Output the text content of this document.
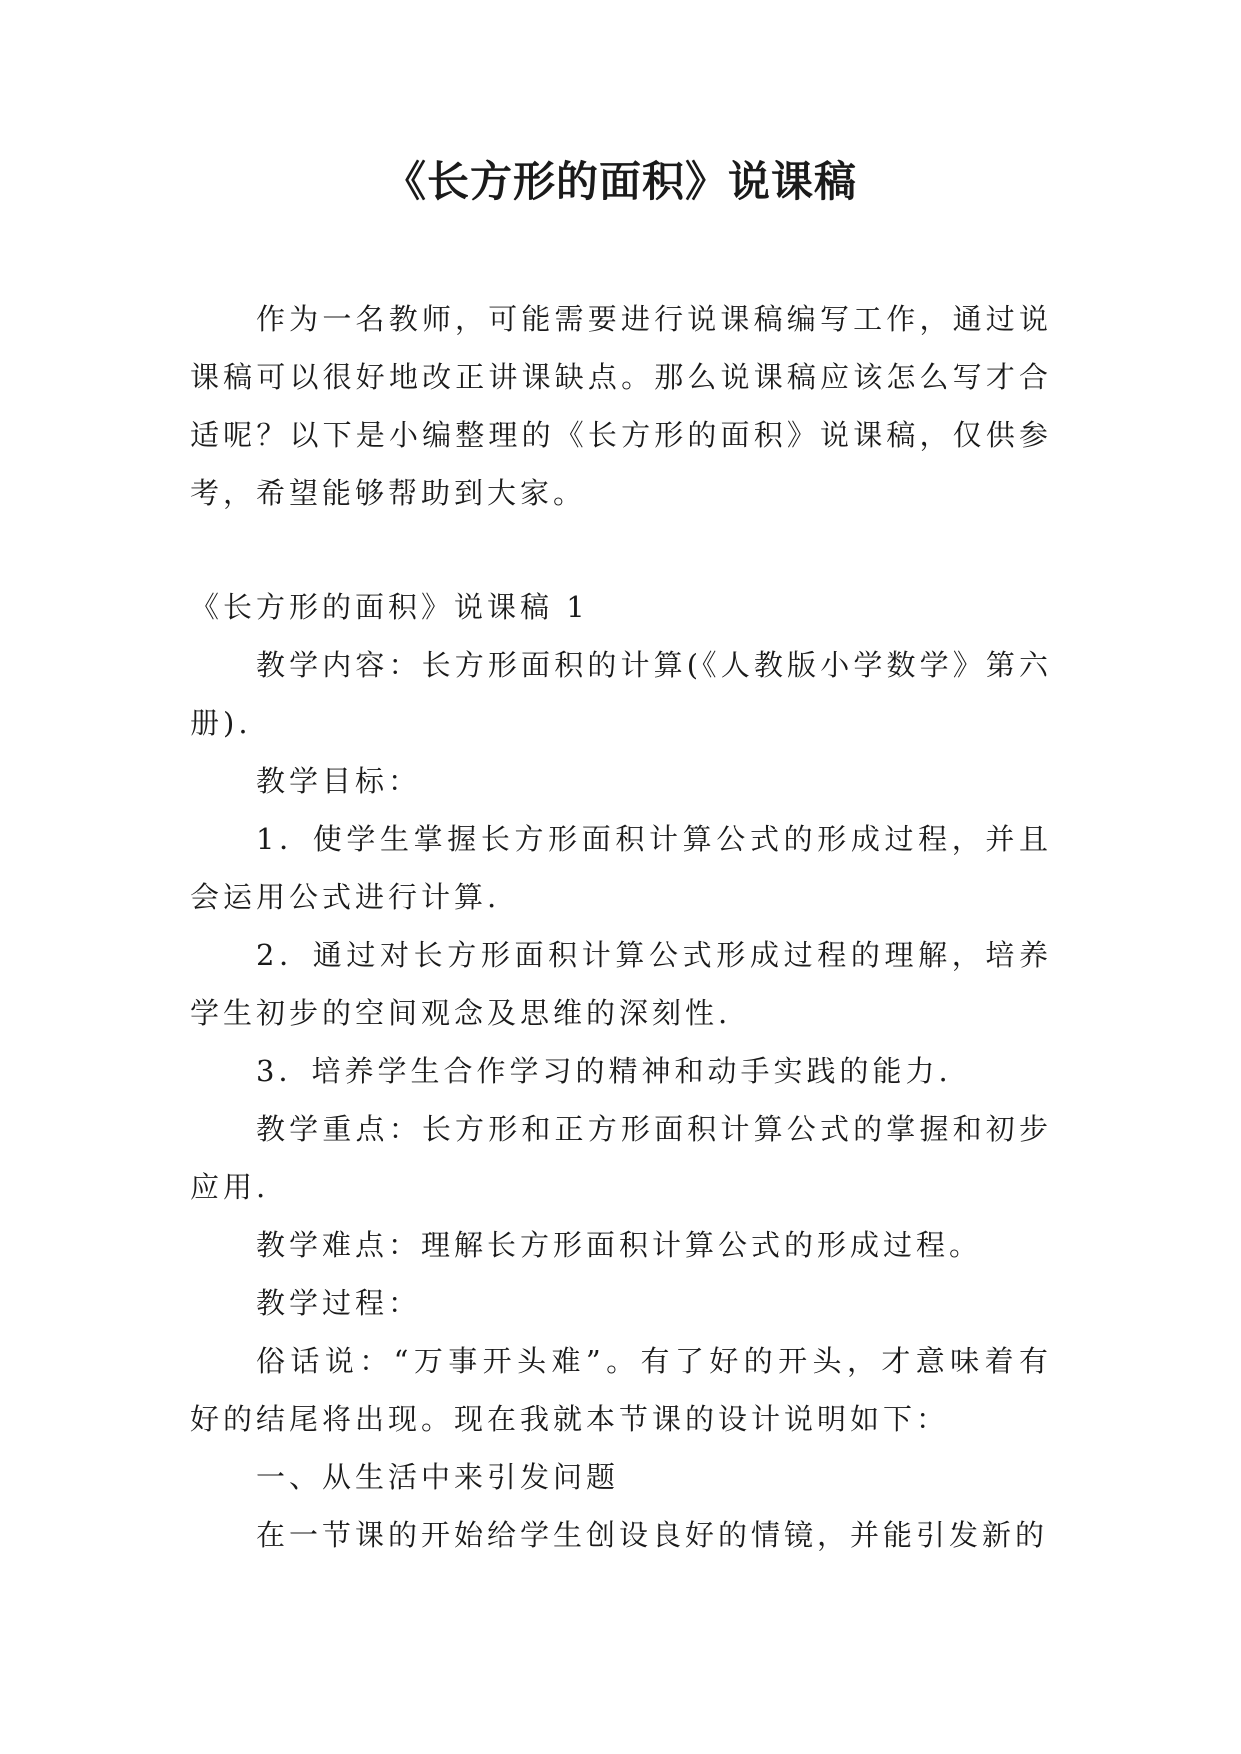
《长方形的面积》说课稿

作为一名教师，可能需要进行说课稿编写工作，通过说课稿可以很好地改正讲课缺点。那么说课稿应该怎么写才合适呢？以下是小编整理的《长方形的面积》说课稿，仅供参考，希望能够帮助到大家。

《长方形的面积》说课稿 1

教学内容：长方形面积的计算(《人教版小学数学》第六册).

教学目标：

1．使学生掌握长方形面积计算公式的形成过程，并且会运用公式进行计算.

2．通过对长方形面积计算公式形成过程的理解，培养学生初步的空间观念及思维的深刻性.

3．培养学生合作学习的精神和动手实践的能力.

教学重点：长方形和正方形面积计算公式的掌握和初步应用.

教学难点：理解长方形面积计算公式的形成过程。

教学过程：

俗话说：“万事开头难”。有了好的开头，才意味着有好的结尾将出现。现在我就本节课的设计说明如下：

一、从生活中来引发问题

在一节课的开始给学生创设良好的情镜，并能引发新的
